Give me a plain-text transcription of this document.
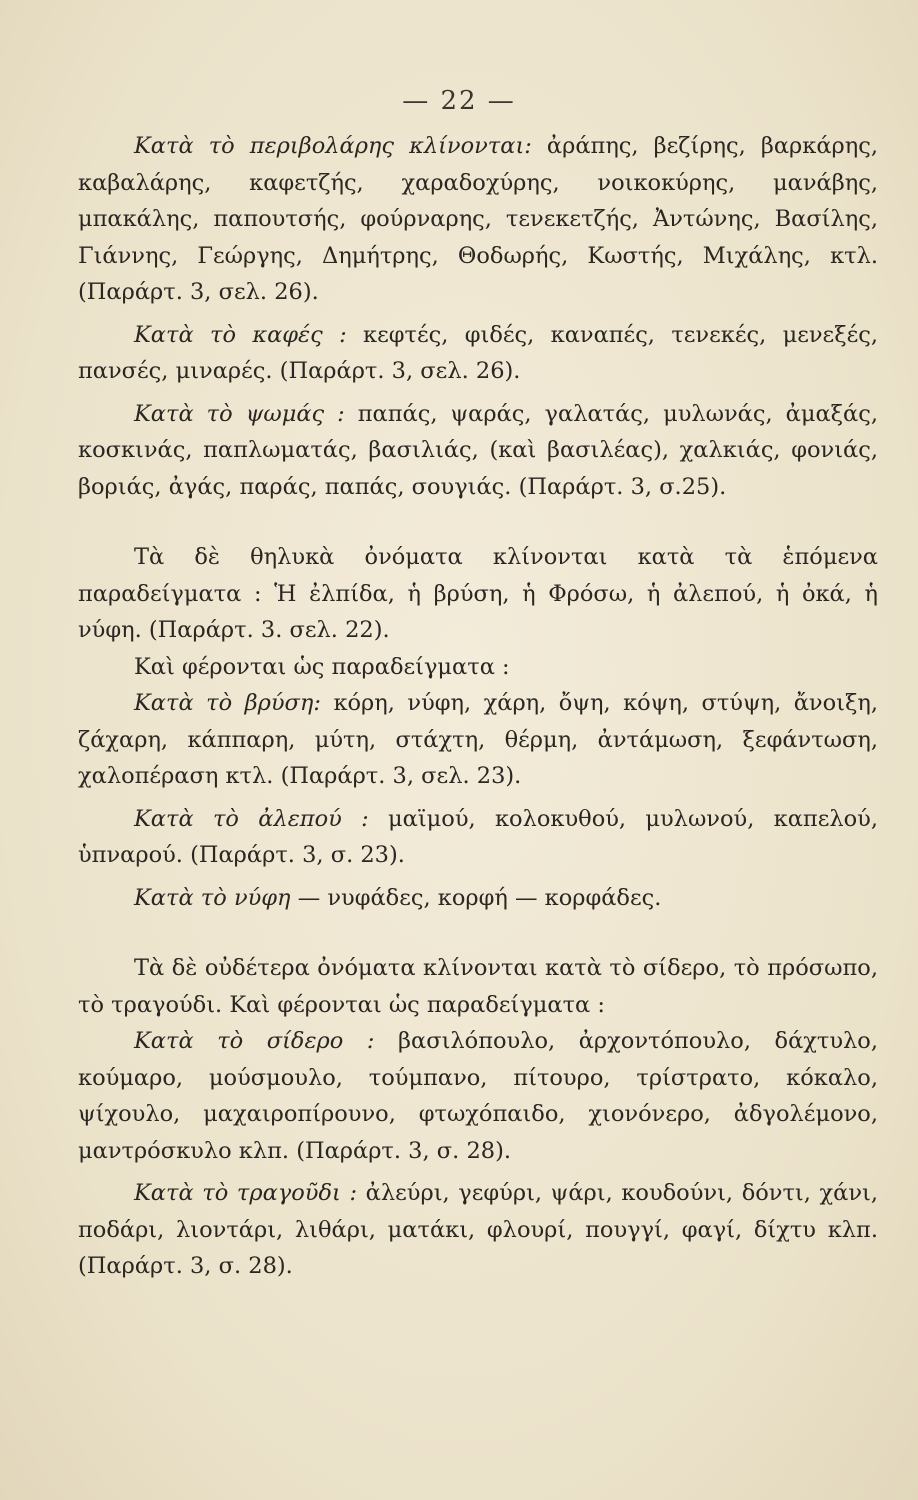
— 22 —

Κατὰ τὸ περιβολάρης κλίνονται: ἀράπης, βεζίρης, βαρκάρης, καβαλάρης, καφετζής, χαραδοχύρης, νοικοκύρης, μανάβης, μπακάλης, παπουτσής, φούρναρης, τενεκετζής, Ἀντώνης, Βασίλης, Γιάννης, Γεώργης, Δημήτρης, Θοδωρής, Κωστής, Μιχάλης, κτλ. (Παράρτ. 3, σελ. 26).

Κατὰ τὸ καφές : κεφτές, φιδές, καναπές, τενεκές, μενεξές, πανσές, μιναρές. (Παράρτ. 3, σελ. 26).

Κατὰ τὸ ψωμάς : παπάς, ψαράς, γαλατάς, μυλωνάς, ἀμαξάς, κοσκινάς, παπλωματάς, βασιλιάς, (καὶ βασιλέας), χαλκιάς, φονιάς, βοριάς, ἀγάς, παράς, παπάς, σουγιάς. (Παράρτ. 3, σ.25).

Τὰ δὲ θηλυκὰ ὀνόματα κλίνονται κατὰ τὰ ἑπόμενα παραδείγματα : Ἡ ἐλπίδα, ἡ βρύση, ἡ Φρόσω, ἡ ἀλεπού, ἡ ὀκά, ἡ νύφη. (Παράρτ. 3. σελ. 22).

Καὶ φέρονται ὡς παραδείγματα :

Κατὰ τὸ βρύση: κόρη, νύφη, χάρη, ὄψη, κόψη, στύψη, ἄνοιξη, ζάχαρη, κάππαρη, μύτη, στάχτη, θέρμη, ἀντάμωση, ξεφάντωση, χαλοπέραση κτλ. (Παράρτ. 3, σελ. 23).

Κατὰ τὸ ἀλεπού : μαϊμού, κολοκυθού, μυλωνού, καπελού, ὑπναρού. (Παράρτ. 3, σ. 23).

Κατὰ τὸ νύφη — νυφάδες, κορφή — κορφάδες.

Τὰ δὲ οὐδέτερα ὀνόματα κλίνονται κατὰ τὸ σίδερο, τὸ πρόσωπο, τὸ τραγούδι. Καὶ φέρονται ὡς παραδείγματα :

Κατὰ τὸ σίδερο : βασιλόπουλο, ἀρχοντόπουλο, δάχτυλο, κούμαρο, μούσμουλο, τούμπανο, πίτουρο, τρίστρατο, κόκαλο, ψίχουλο, μαχαιροπίρουνο, φτωχόπαιδο, χιονόνερο, ἀδγολέμονο, μαντρόσκυλο κλπ. (Παράρτ. 3, σ. 28).

Κατὰ τὸ τραγοῦδι : ἀλεύρι, γεφύρι, ψάρι, κουδούνι, δόντι, χάνι, ποδάρι, λιοντάρι, λιθάρι, ματάκι, φλουρί, πουγγί, φαγί, δίχτυ κλπ. (Παράρτ. 3, σ. 28).
